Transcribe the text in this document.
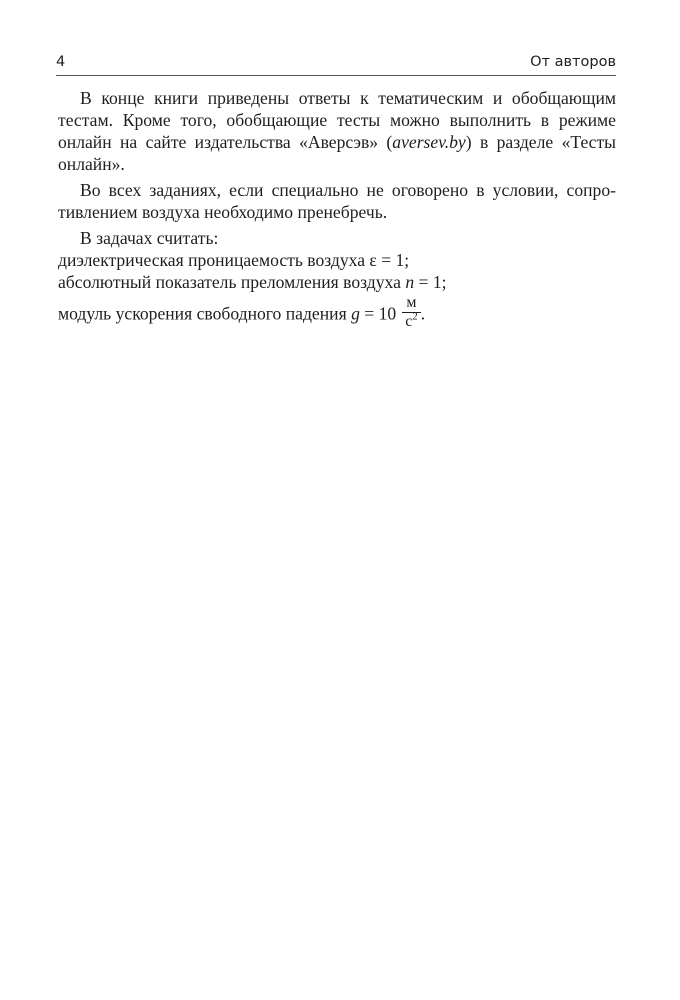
4	От авторов
В конце книги приведены ответы к тематическим и обобщающим
тестам. Кроме того, обобщающие тесты можно выполнить в режиме
онлайн на сайте издательства «Аверсэв» (aversev.by) в разделе «Тесты
онлайн».
Во всех заданиях, если специально не оговорено в условии, сопро-
тивлением воздуха необходимо пренебречь.
В задачах считать:
диэлектрическая проницаемость воздуха ε = 1;
абсолютный показатель преломления воздуха n = 1;
модуль ускорения свободного падения $g = 10 \frac{м}{с^2}$ .
